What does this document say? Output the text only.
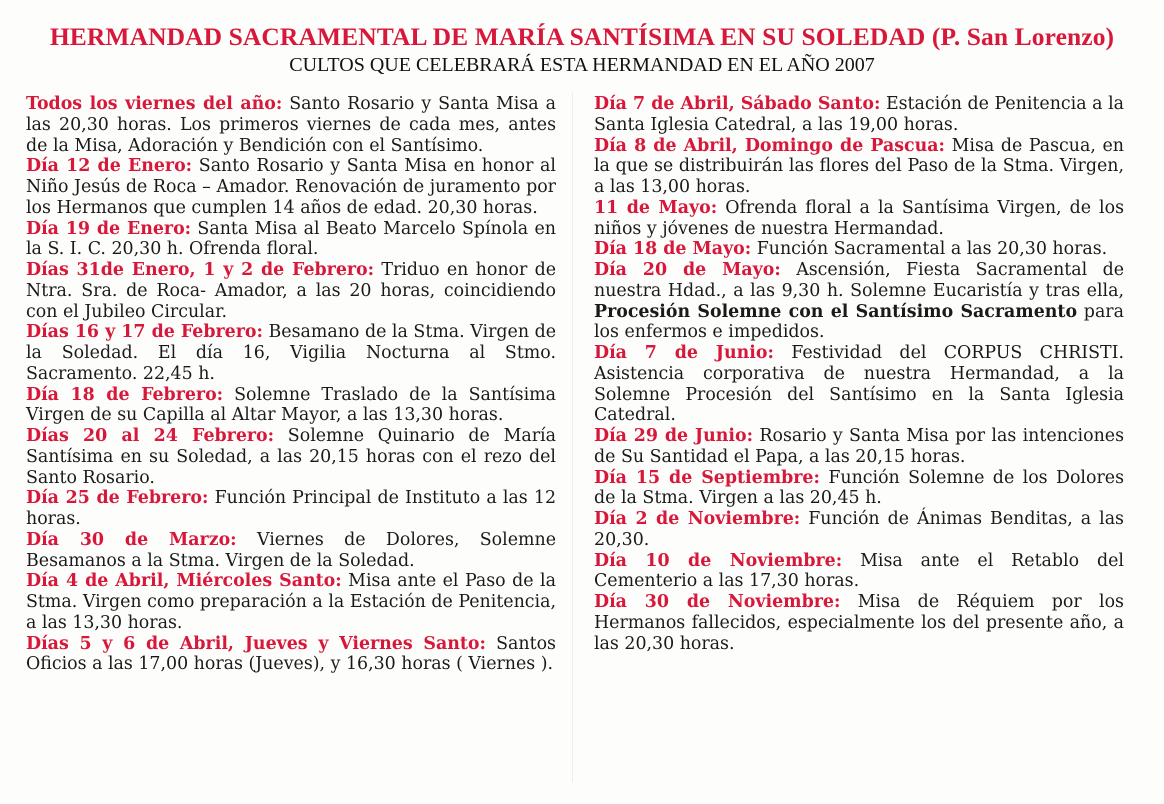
HERMANDAD SACRAMENTAL DE MARÍA SANTÍSIMA EN SU SOLEDAD (P. San Lorenzo)
CULTOS QUE CELEBRARÁ ESTA HERMANDAD EN EL AÑO 2007

Todos los viernes del año: Santo Rosario y Santa Misa a las 20,30 horas. Los primeros viernes de cada mes, antes de la Misa, Adoración y Bendición con el Santísimo.

Día 12 de Enero: Santo Rosario y Santa Misa en honor al Niño Jesús de Roca – Amador. Renovación de juramento por los Hermanos que cumplen 14 años de edad. 20,30 horas.

Día 19 de Enero: Santa Misa al Beato Marcelo Spínola en la S. I. C. 20,30 h. Ofrenda floral.

Días 31de Enero, 1 y 2 de Febrero: Triduo en honor de Ntra. Sra. de Roca- Amador, a las 20 horas, coincidiendo con el Jubileo Circular.

Días 16 y 17 de Febrero: Besamano de la Stma. Virgen de la Soledad. El día 16, Vigilia Nocturna al Stmo. Sacramento. 22,45 h.

Día 18 de Febrero: Solemne Traslado de la Santísima Virgen de su Capilla al Altar Mayor, a las 13,30 horas.

Días 20 al 24 Febrero: Solemne Quinario de María Santísima en su Soledad, a las 20,15 horas con el rezo del Santo Rosario.

Día 25 de Febrero: Función Principal de Instituto a las 12 horas.

Día 30 de Marzo: Viernes de Dolores, Solemne Besamanos a la Stma. Virgen de la Soledad.

Día 4 de Abril, Miércoles Santo: Misa ante el Paso de la Stma. Virgen como preparación a la Estación de Penitencia, a las 13,30 horas.

Días 5 y 6 de Abril, Jueves y Viernes Santo: Santos Oficios a las 17,00 horas (Jueves), y 16,30 horas ( Viernes ).

Día 7 de Abril, Sábado Santo: Estación de Penitencia a la Santa Iglesia Catedral, a las 19,00 horas.

Día 8 de Abril, Domingo de Pascua: Misa de Pascua, en la que se distribuirán las flores del Paso de la Stma. Virgen, a las 13,00 horas.

11 de Mayo: Ofrenda floral a la Santísima Virgen, de los niños y jóvenes de nuestra Hermandad.

Día 18 de Mayo: Función Sacramental a las 20,30 horas.

Día 20 de Mayo: Ascensión, Fiesta Sacramental de nuestra Hdad., a las 9,30 h. Solemne Eucaristía y tras ella, Procesión Solemne con el Santísimo Sacramento para los enfermos e impedidos.

Día 7 de Junio: Festividad del CORPUS CHRISTI. Asistencia corporativa de nuestra Hermandad, a la Solemne Procesión del Santísimo en la Santa Iglesia Catedral.

Día 29 de Junio: Rosario y Santa Misa por las intenciones de Su Santidad el Papa, a las 20,15 horas.

Día 15 de Septiembre: Función Solemne de los Dolores de la Stma. Virgen a las 20,45 h.

Día 2 de Noviembre: Función de Ánimas Benditas, a las 20,30.

Día 10 de Noviembre: Misa ante el Retablo del Cementerio a las 17,30 horas.

Día 30 de Noviembre: Misa de Réquiem por los Hermanos fallecidos, especialmente los del presente año, a las 20,30 horas.
